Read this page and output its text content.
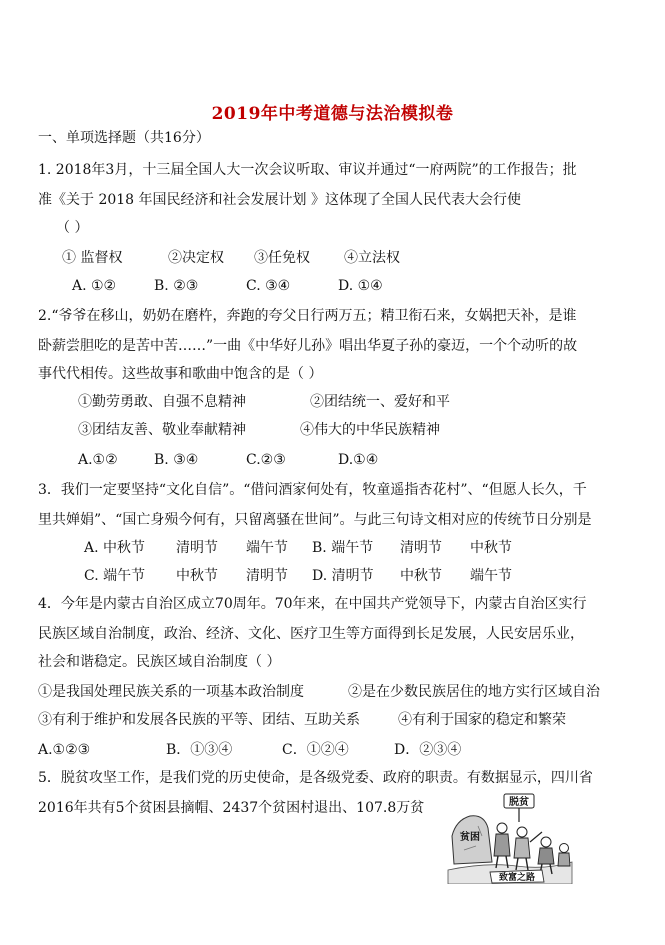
2019年中考道德与法治模拟卷
一、单项选择题（共16分）
1. 2018年3月，十三届全国人大一次会议听取、审议并通过“一府两院”的工作报告；批
准《关于 2018 年国民经济和社会发展计划 》这体现了全国人民代表大会行使
（ ）
① 监督权	②决定权 ③任免权 ④立法权
A. ①②	B. ②③	C. ③④	D. ①④
2.“爷爷在移山，奶奶在磨杵，奔跑的夸父日行两万五；精卫衔石来，女娲把天补，是谁
卧薪尝胆吃的是苦中苦……”一曲《中华好儿孙》唱出华夏子孙的豪迈，一个个动听的故
事代代相传。这些故事和歌曲中饱含的是（ ）
①勤劳勇敢、自强不息精神	②团结统一、爱好和平
③团结友善、敬业奉献精神	④伟大的中华民族精神
A.①②	B. ③④	C.②③	D.①④
3．我们一定要坚持“文化自信”。“借问酒家何处有，牧童遥指杏花村”、“但愿人长久，千
里共婵娟”、“国亡身殒今何有，只留离骚在世间”。与此三句诗文相对应的传统节日分别是
A. 中秋节 清明节 端午节 B. 端午节 清明节 中秋节
C. 端午节 中秋节 清明节 D. 清明节 中秋节 端午节
4．今年是内蒙古自治区成立70周年。70年来，在中国共产党领导下，内蒙古自治区实行
民族区域自治制度，政治、经济、文化、医疗卫生等方面得到长足发展，人民安居乐业，
社会和谐稳定。民族区域自治制度（ ）
①是我国处理民族关系的一项基本政治制度	②是在少数民族居住的地方实行区域自治
③有利于维护和发展各民族的平等、团结、互助关系	④有利于国家的稳定和繁荣
A.①②③	B．①③④	C．①②④	D．②③④
5．脱贫攻坚工作，是我们党的历史使命，是各级党委、政府的职责。有数据显示，四川省
2016年共有5个贫困县摘帽、2437个贫困村退出、107.8万贫
贫困
脱贫
致富之路
